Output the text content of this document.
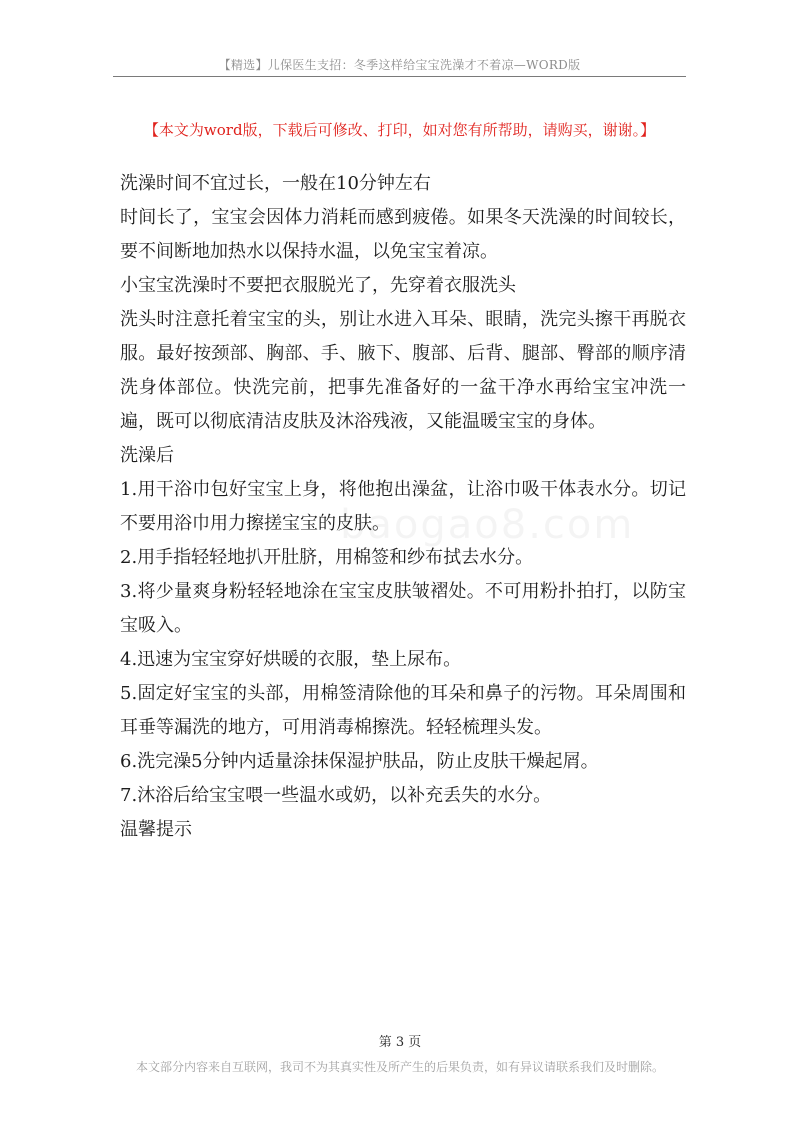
【精选】儿保医生支招：冬季这样给宝宝洗澡才不着凉—WORD版
【本文为word版，下载后可修改、打印，如对您有所帮助，请购买，谢谢。】

洗澡时间不宜过长，一般在10分钟左右

时间长了，宝宝会因体力消耗而感到疲倦。如果冬天洗澡的时间较长，要不间断地加热水以保持水温，以免宝宝着凉。

小宝宝洗澡时不要把衣服脱光了，先穿着衣服洗头

洗头时注意托着宝宝的头，别让水进入耳朵、眼睛，洗完头擦干再脱衣服。最好按颈部、胸部、手、腋下、腹部、后背、腿部、臀部的顺序清洗身体部位。快洗完前，把事先准备好的一盆干净水再给宝宝冲洗一遍，既可以彻底清洁皮肤及沐浴残液，又能温暖宝宝的身体。

洗澡后

1.用干浴巾包好宝宝上身，将他抱出澡盆，让浴巾吸干体表水分。切记不要用浴巾用力擦搓宝宝的皮肤。

2.用手指轻轻地扒开肚脐，用棉签和纱布拭去水分。

3.将少量爽身粉轻轻地涂在宝宝皮肤皱褶处。不可用粉扑拍打，以防宝宝吸入。

4.迅速为宝宝穿好烘暖的衣服，垫上尿布。

5.固定好宝宝的头部，用棉签清除他的耳朵和鼻子的污物。耳朵周围和耳垂等漏洗的地方，可用消毒棉擦洗。轻轻梳理头发。

6.洗完澡5分钟内适量涂抹保湿护肤品，防止皮肤干燥起屑。

7.沐浴后给宝宝喂一些温水或奶，以补充丢失的水分。

温馨提示

第 3 页
本文部分内容来自互联网，我司不为其真实性及所产生的后果负责，如有异议请联系我们及时删除。
